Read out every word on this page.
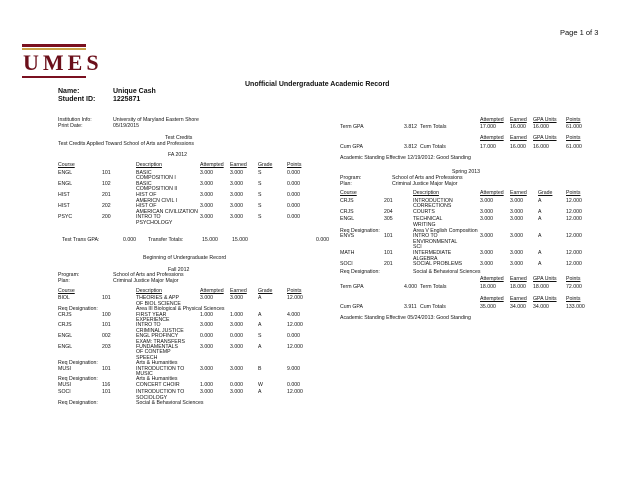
Page 1 of 3
UMES
Unofficial Undergraduate Academic Record
Name:	Unique Cash
Student ID:	1225871
Institution Info:	University of Maryland Eastern Shore
Print Date:	05/19/2015
Test Credits
Test Credits Applied Toward School of Arts and Professions
FA 2012
Course	Description	Attempted Earned Grade	Points
ENGL	101	BASIC	3.000	3.000	S	0.000
COMPOSITION I
ENGL	102	BASIC	3.000	3.000	S	0.000
COMPOSITION II
HIST	201	HIST OF	3.000	3.000	S	0.000
AMERICN CIVIL I
HIST	202	HIST OF	3.000	3.000	S	0.000
AMERICAN CIVILIZATION
PSYC	200	INTRO TO	3.000	3.000	S	0.000
PSYCHOLOGY
Test Trans GPA:	0.000 Transfer Totals:	15.000	15.000	0.000
Beginning of Undergraduate Record
Fall 2012
Program:	School of Arts and Professions
Plan:	Criminal Justice Major Major
Course	Description	Attempted Earned Grade	Points
BIOL	101	THEORIES & APP	3.000	3.000	A	12.000
OF BIOL SCIENCE
Req Designation:	Area III Biological & Physical Sciences
CRJS	100	FIRST YEAR	1.000	1.000	A	4.000
EXPERIENCE
CRJS	101	INTRO TO	3.000	3.000	A	12.000
CRIMINAL JUSTICE
ENGL	002	ENGL PROFINCY	0.000	0.000	S	0.000
EXAM: TRANSFERS
ENGL	203	FUNDAMENTALS	3.000	3.000	A	12.000
OF CONTEMP
SPEECH
Req Designation:	Arts & Humanities
MUSI	101	INTRODUCTION TO	3.000	3.000	B	9.000
MUSIC
Req Designation:	Arts & Humanities
MUSI	116	CONCERT CHOIR	1.000	0.000	W	0.000
SOCI	101	INTRODUCTION TO	3.000	3.000	A	12.000
SOCIOLOGY
Req Designation:	Social & Behavioral Sciences
Attempted Earned GPA Units Points
Term GPA	3.812 Term Totals	17.000	16.000 16.000	61.000
Attempted Earned GPA Units Points
Cum GPA	3.812 Cum Totals	17.000	16.000 16.000	61.000
Academic Standing Effective 12/19/2012: Good Standing
Spring 2013
Program:	School of Arts and Professions
Plan:	Criminal Justice Major Major
Course	Description	Attempted Earned Grade	Points
CRJS	201	INTRODUCTION	3.000	3.000	A	12.000
CORRECTIONS
CRJS	204	COURTS	3.000	3.000	A	12.000
ENGL	305	TECHNICAL	3.000	3.000	A	12.000
WRITING
Req Designation:	Area V English Composition
ENVS	101	INTRO TO	3.000	3.000	A	12.000
ENVIRONMENTAL
SCI
MATH	101	INTERMEDIATE	3.000	3.000	A	12.000
ALGEBRA
SOCI	201	SOCIAL PROBLEMS	3.000	3.000	A	12.000
Req Designation:	Social & Behavioral Sciences
Attempted Earned GPA Units Points
Term GPA	4.000 Term Totals	18.000	18.000 18.000	72.000
Attempted Earned GPA Units Points
Cum GPA	3.911 Cum Totals	35.000	34.000 34.000	133.000
Academic Standing Effective 05/24/2013: Good Standing
